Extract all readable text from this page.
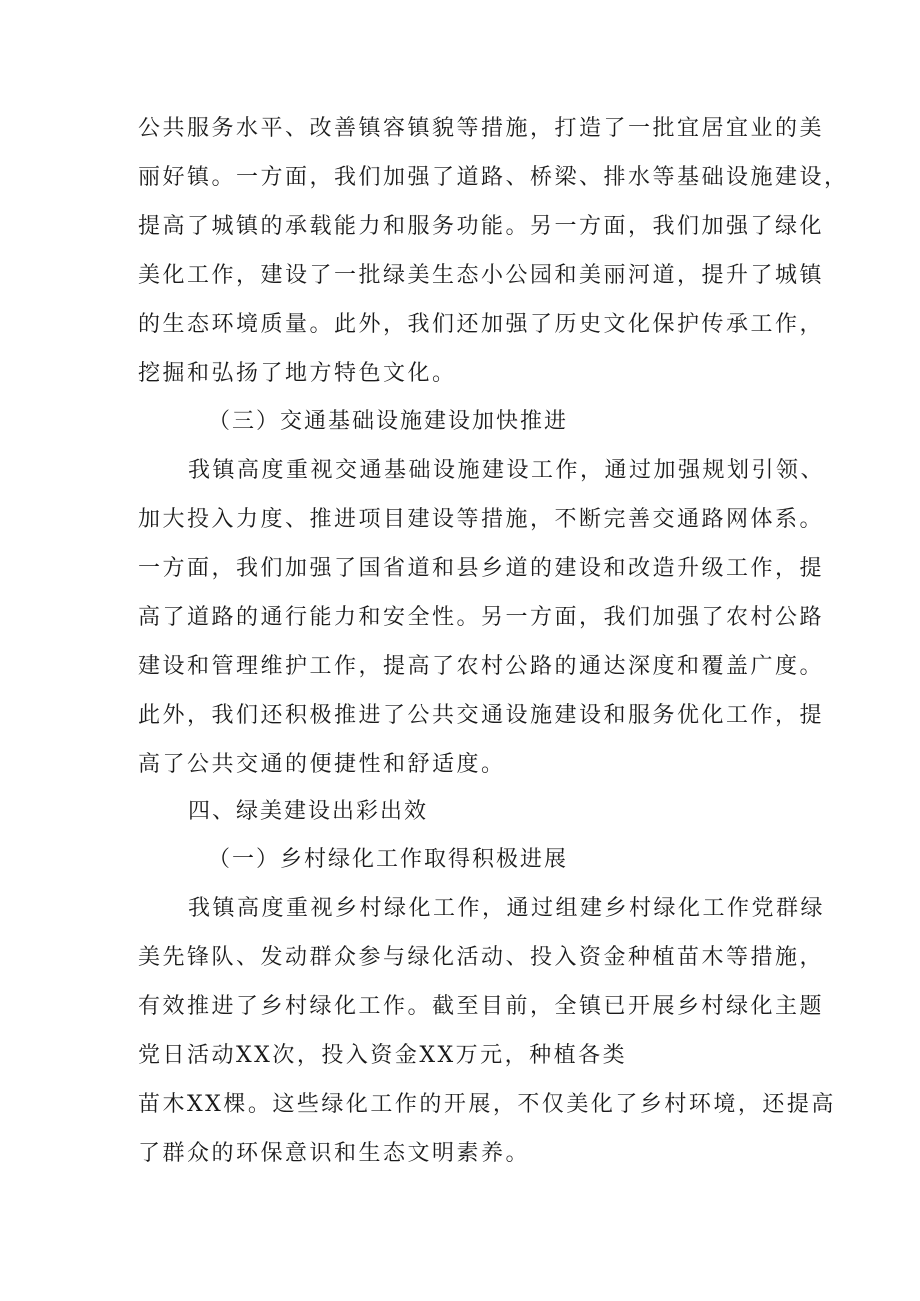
公共服务水平、改善镇容镇貌等措施，打造了一批宜居宜业的美
丽好镇。一方面，我们加强了道路、桥梁、排水等基础设施建设，
提高了城镇的承载能力和服务功能。另一方面，我们加强了绿化
美化工作，建设了一批绿美生态小公园和美丽河道，提升了城镇
的生态环境质量。此外，我们还加强了历史文化保护传承工作，
挖掘和弘扬了地方特色文化。
（三）交通基础设施建设加快推进
我镇高度重视交通基础设施建设工作，通过加强规划引领、
加大投入力度、推进项目建设等措施，不断完善交通路网体系。
一方面，我们加强了国省道和县乡道的建设和改造升级工作，提
高了道路的通行能力和安全性。另一方面，我们加强了农村公路
建设和管理维护工作，提高了农村公路的通达深度和覆盖广度。
此外，我们还积极推进了公共交通设施建设和服务优化工作，提
高了公共交通的便捷性和舒适度。
四、绿美建设出彩出效
（一）乡村绿化工作取得积极进展
我镇高度重视乡村绿化工作，通过组建乡村绿化工作党群绿
美先锋队、发动群众参与绿化活动、投入资金种植苗木等措施，
有效推进了乡村绿化工作。截至目前，全镇已开展乡村绿化主题
党日活动XX次，投入资金XX万元，种植各类
苗木XX棵。这些绿化工作的开展，不仅美化了乡村环境，还提高
了群众的环保意识和生态文明素养。
